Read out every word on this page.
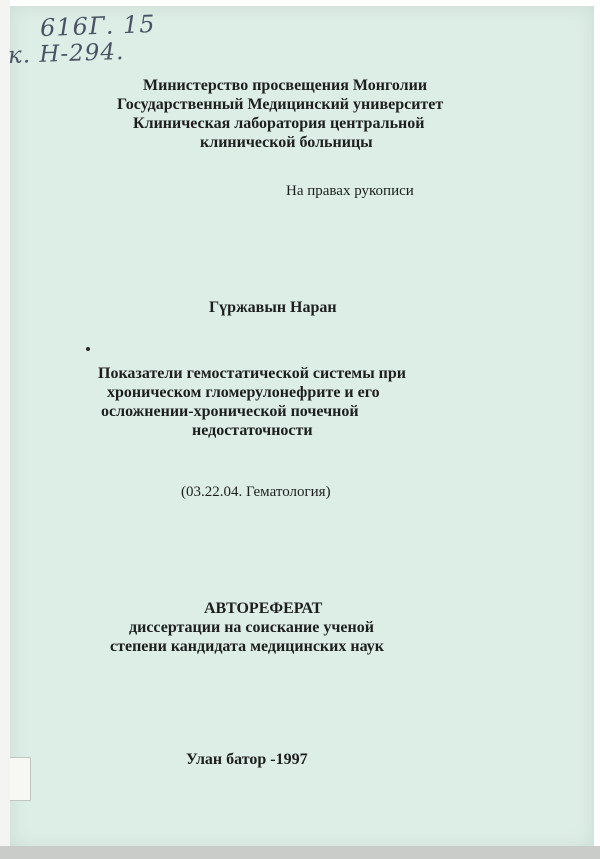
616Г. 15
к. Н-294.
Министерство просвещения Монголии
Государственный Медицинский университет
Клиническая лаборатория центральной
клинической больницы
На правах рукописи
Гүржавын Наран
Показатели гемостатической системы при
хроническом гломерулонефрите и его
осложнении-хронической почечной
недостаточности
(03.22.04. Гематология)
АВТОРЕФЕРАТ
диссертации на соискание ученой
степени кандидата медицинских наук
Улан батор -1997
